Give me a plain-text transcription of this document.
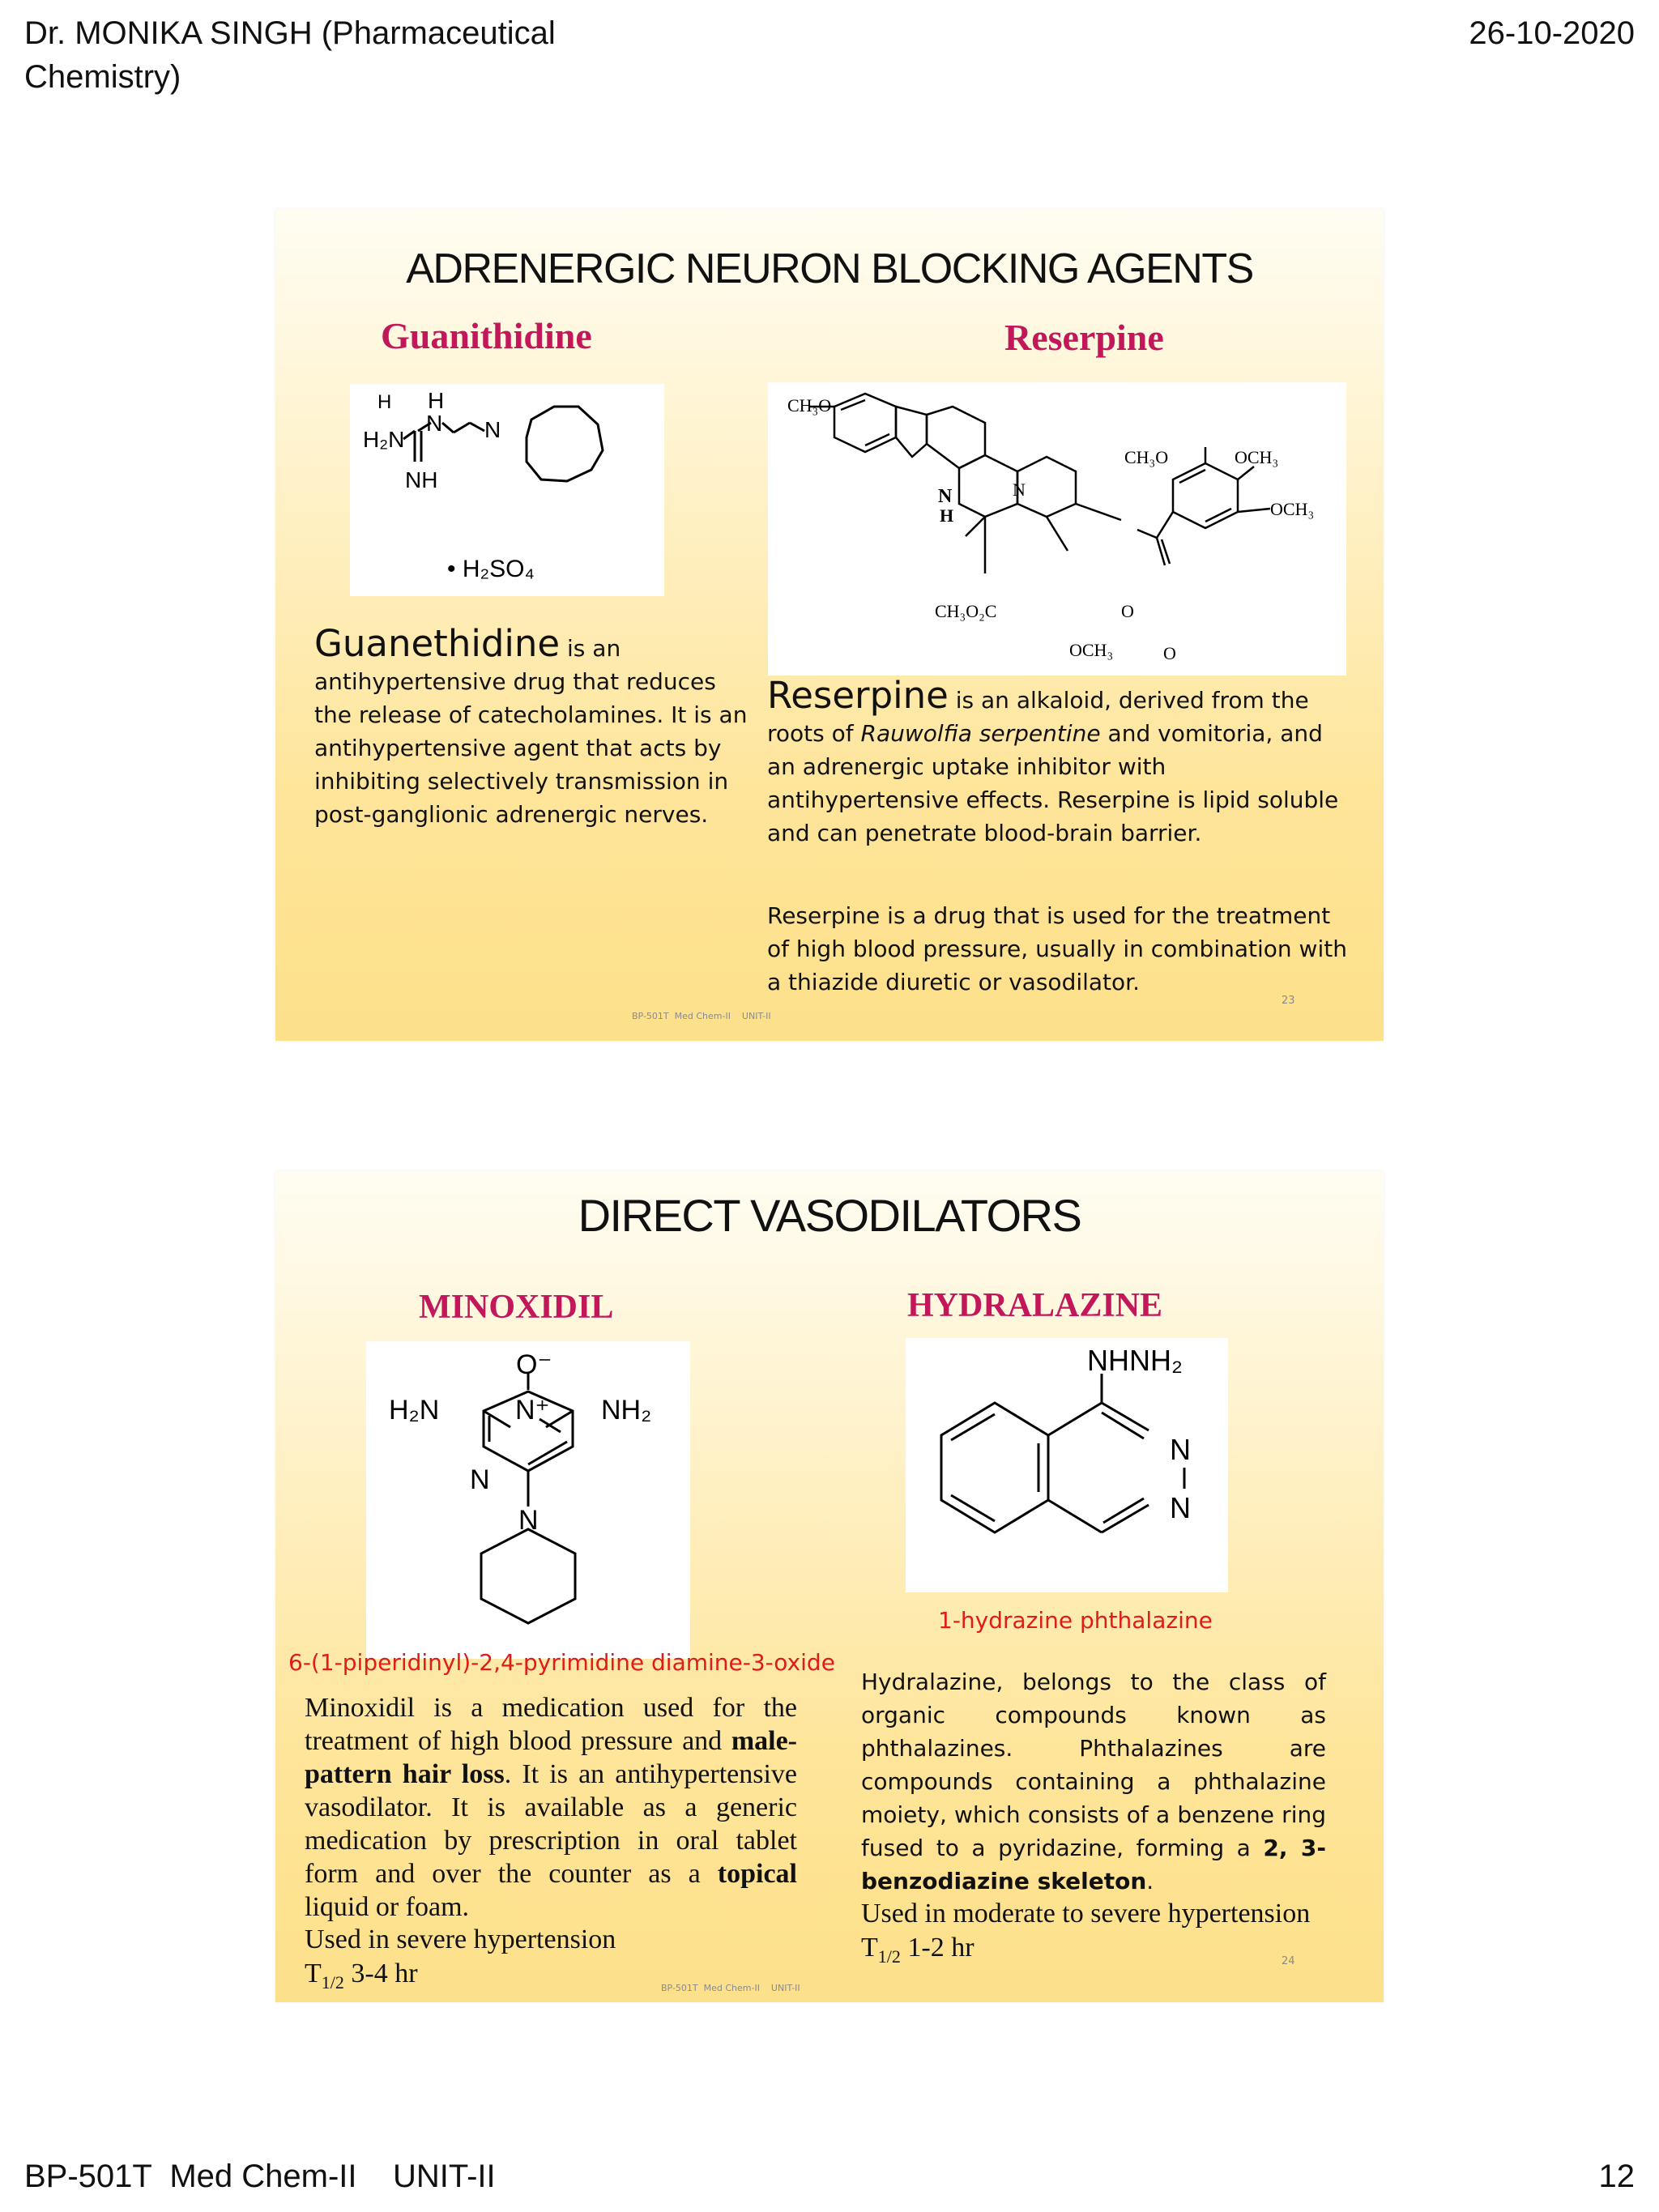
Dr. MONIKA SINGH (Pharmaceutical Chemistry)
26-10-2020
ADRENERGIC NEURON BLOCKING AGENTS
Guanithidine	Reserpine
H H
N N
H₂N
NH
• H₂SO₄
CH₃O
N
H
N
CH₃O	OCH₃
OCH₃
CH₃O₂C
OCH₃
O
O
Guanethidine is an antihypertensive drug that reduces the release of catecholamines. It is an antihypertensive agent that acts by inhibiting selectively transmission in post-ganglionic adrenergic nerves.
Reserpine is an alkaloid, derived from the roots of Rauwolfia serpentine and vomitoria, and an adrenergic uptake inhibitor with antihypertensive effects. Reserpine is lipid soluble and can penetrate blood-brain barrier.
Reserpine is a drug that is used for the treatment of high blood pressure, usually in combination with a thiazide diuretic or vasodilator.
23
BP-501T  Med Chem-II    UNIT-II
DIRECT VASODILATORS
MINOXIDIL	HYDRALAZINE
O⁻
N⁺
H₂N	NH₂
N
N
NHNH₂
N
N
6-(1-piperidinyl)-2,4-pyrimidine diamine-3-oxide
1-hydrazine phthalazine
Minoxidil is a medication used for the treatment of high blood pressure and male-pattern hair loss. It is an antihypertensive vasodilator. It is available as a generic medication by prescription in oral tablet form and over the counter as a topical liquid or foam.
Used in severe hypertension
$T_{1/2}$ 3-4 hr
Hydralazine, belongs to the class of organic compounds known as phthalazines. Phthalazines are compounds containing a phthalazine moiety, which consists of a benzene ring fused to a pyridazine, forming a 2, 3-benzodiazine skeleton.
Used in moderate to severe hypertension
$T_{1/2}$ 1-2 hr	24
BP-501T  Med Chem-II    UNIT-II
BP-501T  Med Chem-II    UNIT-II	12
